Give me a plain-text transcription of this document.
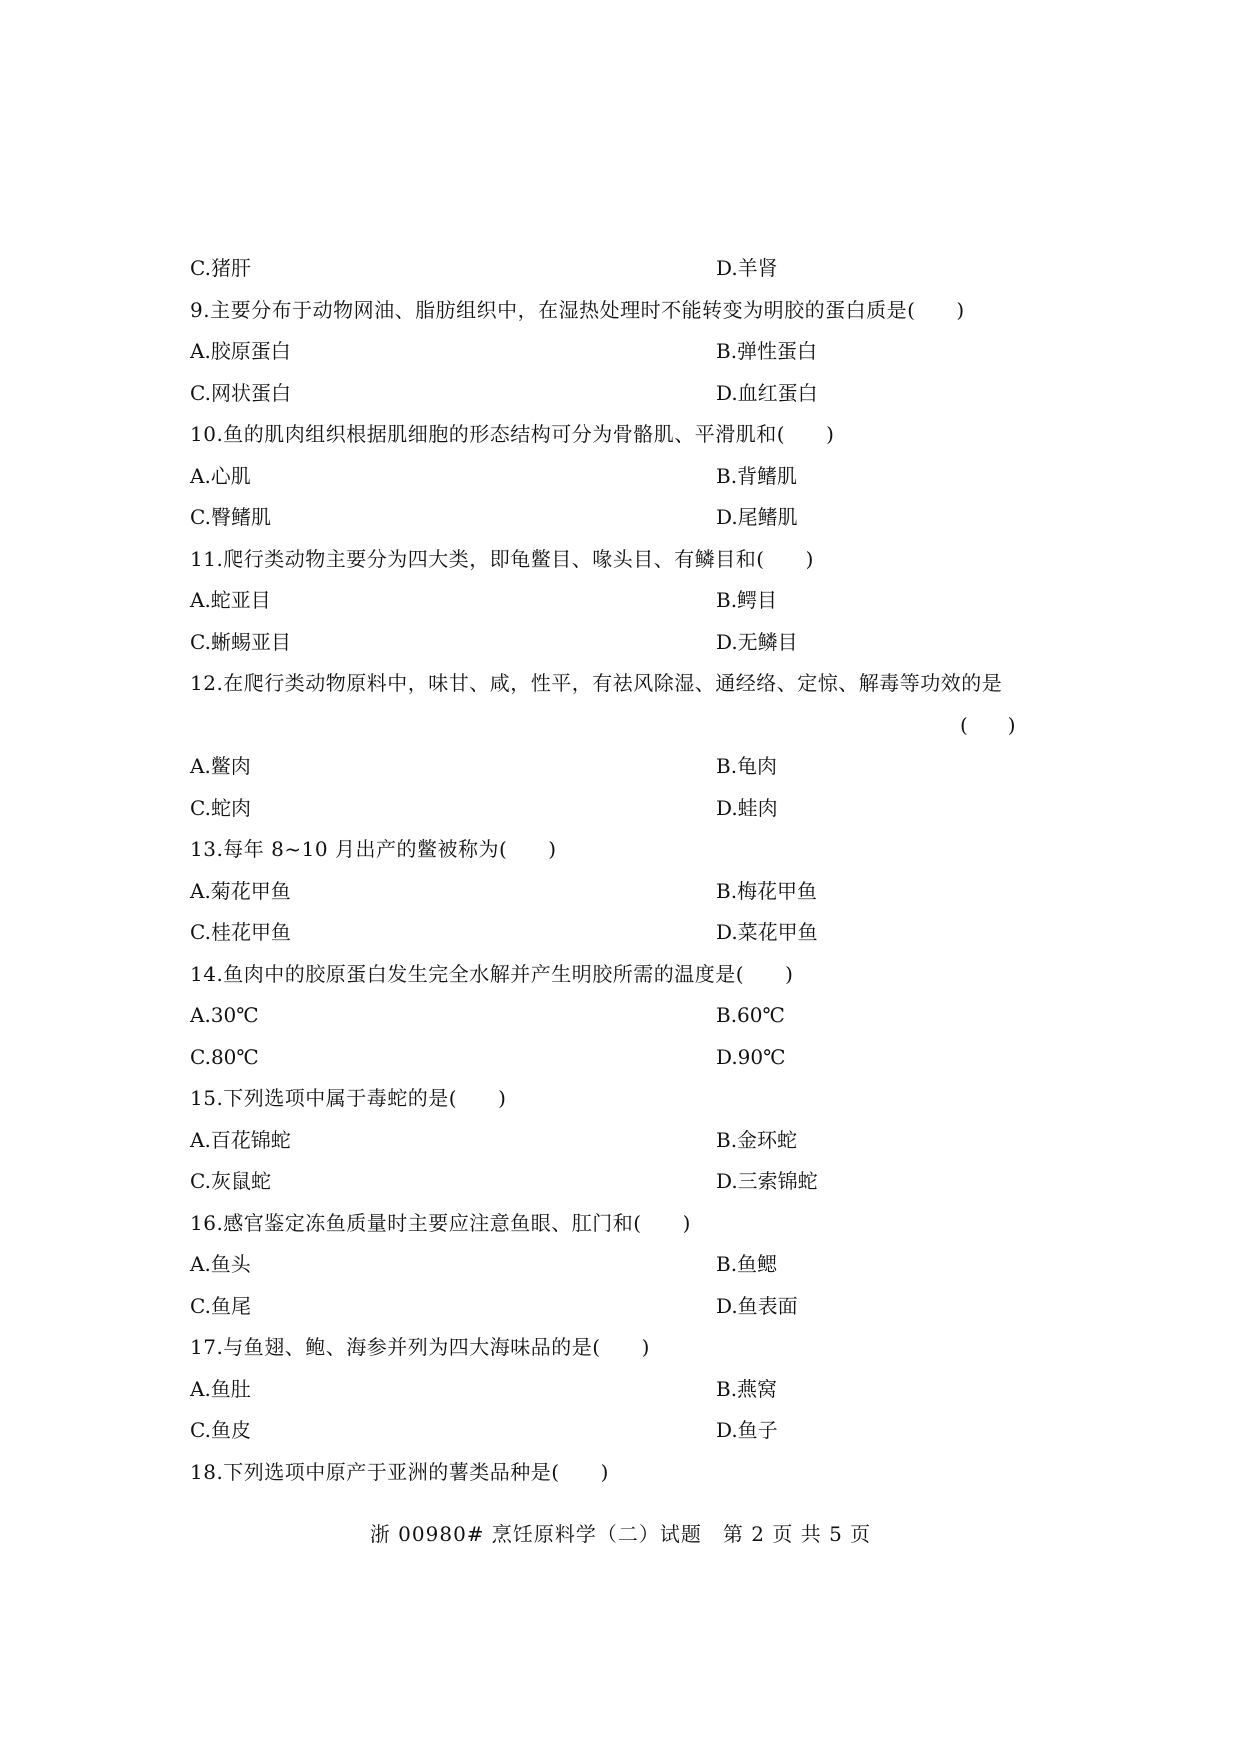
C.猪肝	D.羊肾
9.主要分布于动物网油、脂肪组织中，在湿热处理时不能转变为明胶的蛋白质是(　　)
A.胶原蛋白	B.弹性蛋白
C.网状蛋白	D.血红蛋白
10.鱼的肌肉组织根据肌细胞的形态结构可分为骨骼肌、平滑肌和(　　)
A.心肌	B.背鳍肌
C.臀鳍肌	D.尾鳍肌
11.爬行类动物主要分为四大类，即龟鳖目、喙头目、有鳞目和(　　)
A.蛇亚目	B.鳄目
C.蜥蜴亚目	D.无鳞目
12.在爬行类动物原料中，味甘、咸，性平，有祛风除湿、通经络、定惊、解毒等功效的是
(　　)
A.鳖肉	B.龟肉
C.蛇肉	D.蛙肉
13.每年 8~10 月出产的鳖被称为(　　)
A.菊花甲鱼	B.梅花甲鱼
C.桂花甲鱼	D.菜花甲鱼
14.鱼肉中的胶原蛋白发生完全水解并产生明胶所需的温度是(　　)
A.30℃	B.60℃
C.80℃	D.90℃
15.下列选项中属于毒蛇的是(　　)
A.百花锦蛇	B.金环蛇
C.灰鼠蛇	D.三索锦蛇
16.感官鉴定冻鱼质量时主要应注意鱼眼、肛门和(　　)
A.鱼头	B.鱼鳃
C.鱼尾	D.鱼表面
17.与鱼翅、鲍、海参并列为四大海味品的是(　　)
A.鱼肚	B.燕窝
C.鱼皮	D.鱼子
18.下列选项中原产于亚洲的薯类品种是(　　)
浙 00980# 烹饪原料学（二）试题　第 2 页 共 5 页
